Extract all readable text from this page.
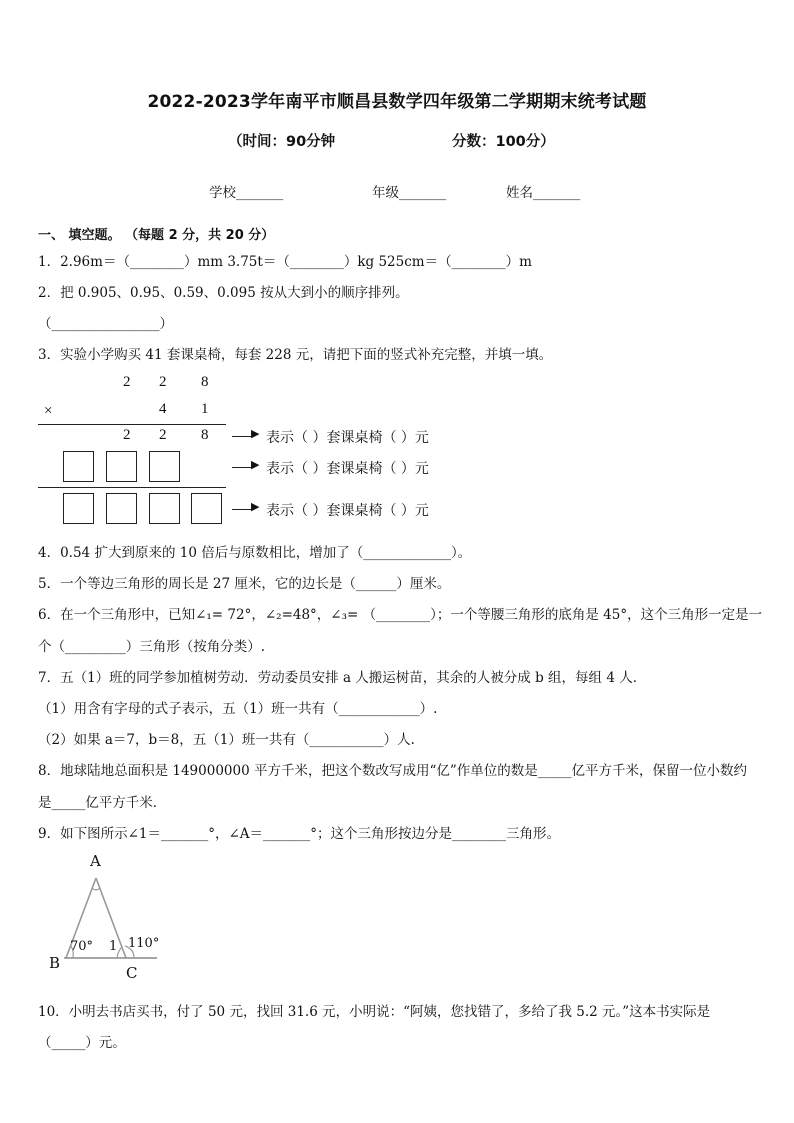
2022-2023学年南平市顺昌县数学四年级第二学期期末统考试题
（时间：90分钟	分数：100分）
学校_______	年级_______	姓名_______
一、 填空题。 （每题 2 分，共 20 分）
1．2.96m＝（________）mm 3.75t＝（________）kg 525cm＝（________）m
2．把 0.905、0.95、0.59、0.095 按从大到小的顺序排列。
（________________）
3．实验小学购买 41 套课桌椅，每套 228 元，请把下面的竖式补充完整，并填一填。
2 2 8
×	4 1
2 2 8	▶ 表示（ ）套课桌椅（ ）元
▶ 表示（ ）套课桌椅（ ）元
▶ 表示（ ）套课桌椅（ ）元
4．0.54 扩大到原来的 10 倍后与原数相比，增加了（_____________）。
5．一个等边三角形的周长是 27 厘米，它的边长是（______）厘米。
6．在一个三角形中，已知∠₁= 72°，∠₂=48°，∠₃= （________）；一个等腰三角形的底角是 45°，这个三角形一定是一
个（_________）三角形（按角分类）.
7．五（1）班的同学参加植树劳动．劳动委员安排 a 人搬运树苗，其余的人被分成 b 组，每组 4 人．
（1）用含有字母的式子表示，五（1）班一共有（____________）.
（2）如果 a＝7，b＝8，五（1）班一共有（___________）人.
8．地球陆地总面积是 149000000 平方千米，把这个数改写成用“亿”作单位的数是_____亿平方千米，保留一位小数约
是_____亿平方千米．
9．如下图所示∠1＝_______°，∠A＝_______°；这个三角形按边分是________三角形。
A
B
C
70° 1 110°
10．小明去书店买书，付了 50 元，找回 31.6 元，小明说：“阿姨，您找错了，多给了我 5.2 元。”这本书实际是
（_____）元。
